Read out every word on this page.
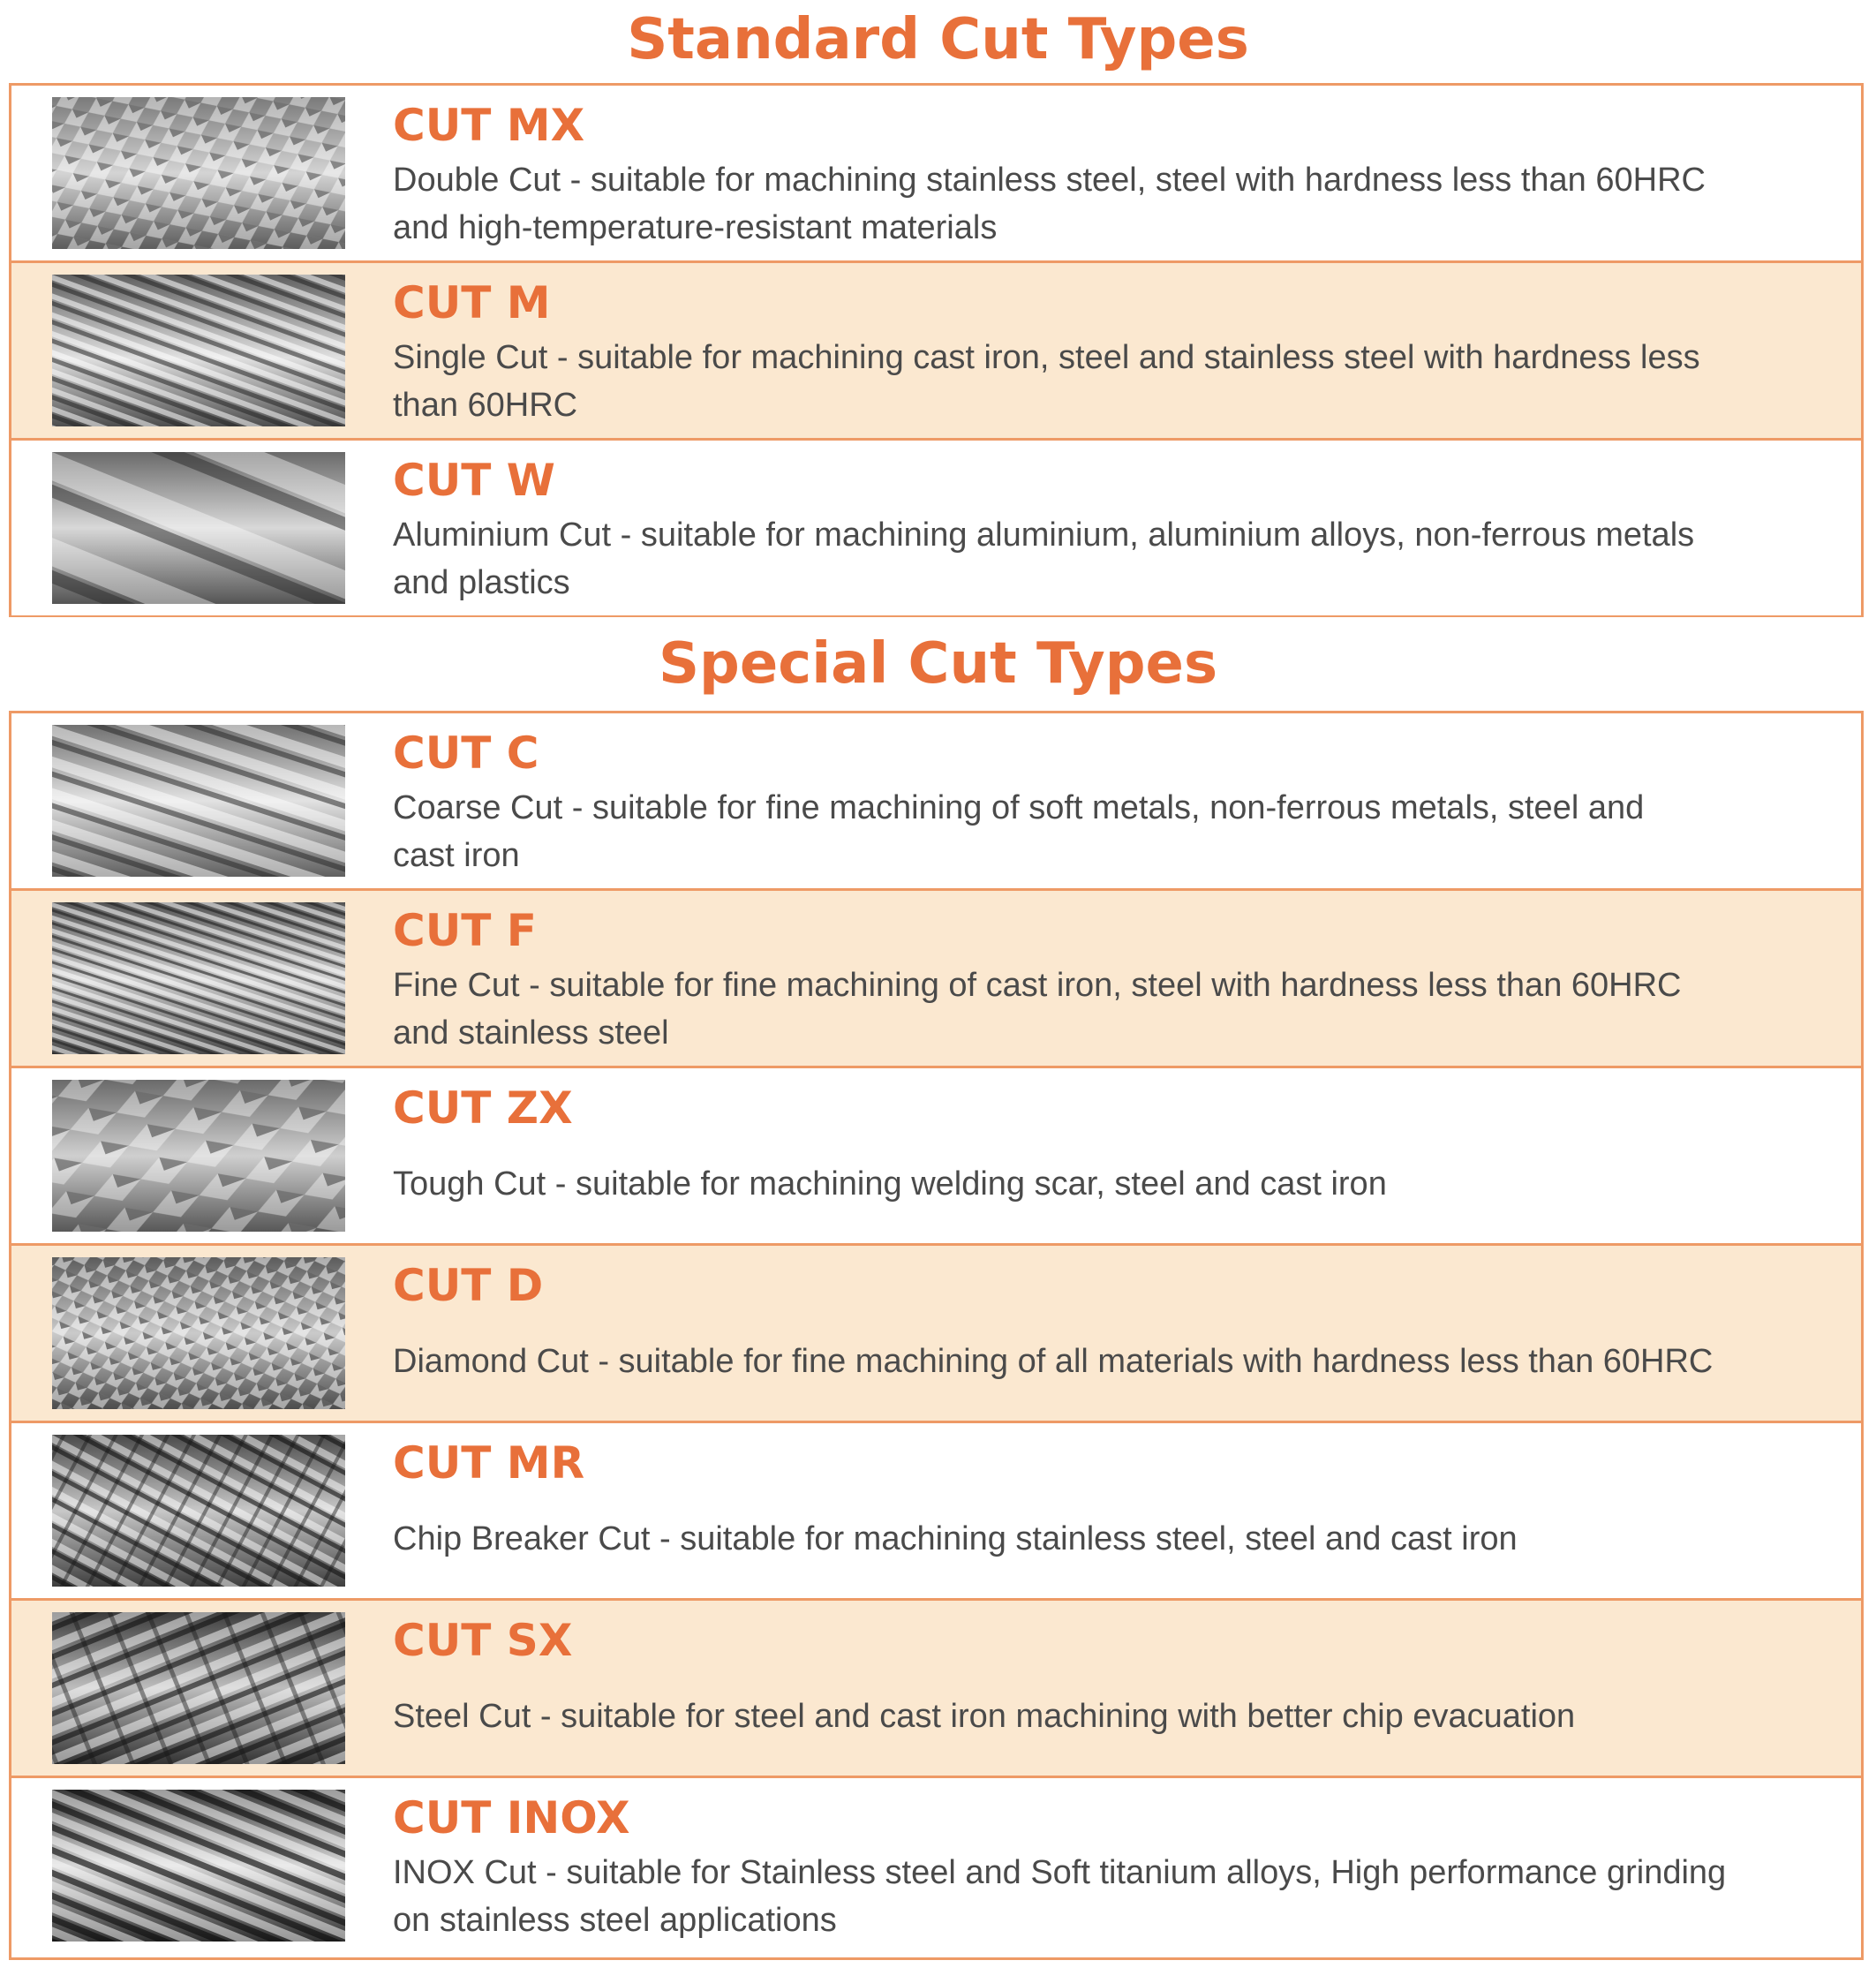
Standard Cut Types
CUT MX
Double Cut - suitable for machining stainless steel, steel with hardness less than 60HRC
and high-temperature-resistant materials
CUT M
Single Cut - suitable for machining cast iron, steel and stainless steel with hardness less
than 60HRC
CUT W
Aluminium Cut - suitable for machining aluminium, aluminium alloys, non-ferrous metals
and plastics
Special Cut Types
CUT C
Coarse Cut - suitable for fine machining of soft metals, non-ferrous metals, steel and
cast iron
CUT F
Fine Cut - suitable for fine machining of cast iron, steel with hardness less than 60HRC
and stainless steel
CUT ZX
Tough Cut - suitable for machining welding scar, steel and cast iron
CUT D
Diamond Cut - suitable for fine machining of all materials with hardness less than 60HRC
CUT MR
Chip Breaker Cut - suitable for machining stainless steel, steel and cast iron
CUT SX
Steel Cut - suitable for steel and cast iron machining with better chip evacuation
CUT INOX
INOX Cut - suitable for Stainless steel and Soft titanium alloys, High performance grinding
on stainless steel applications
